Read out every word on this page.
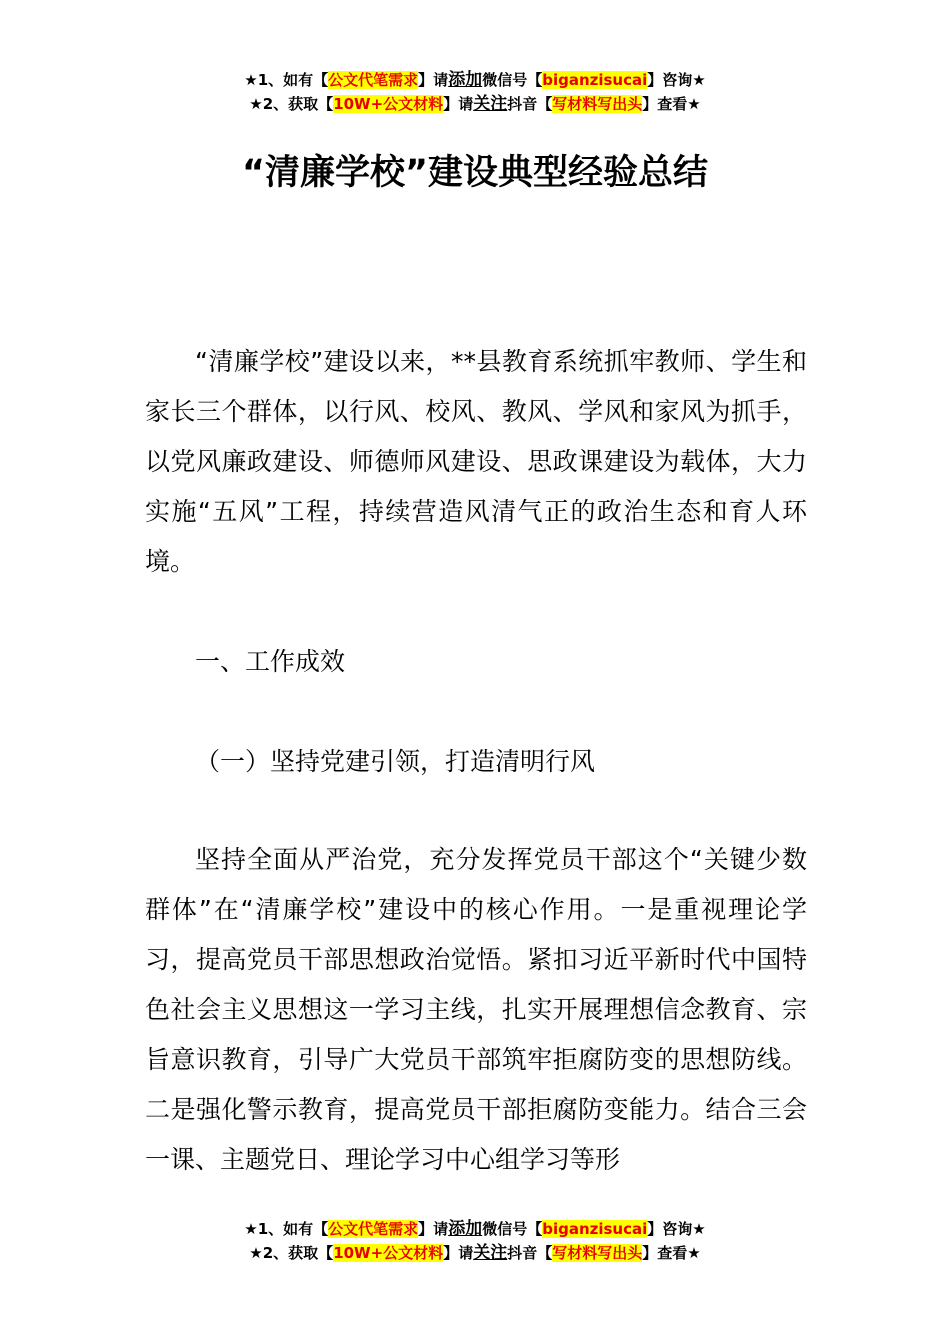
★1、如有【公文代笔需求】请添加微信号【biganzisucai】咨询★
★2、获取【10W+公文材料】请关注抖音【写材料写出头】查看★
“清廉学校”建设典型经验总结

“清廉学校”建设以来，**县教育系统抓牢教师、学生和家长三个群体，以行风、校风、教风、学风和家风为抓手，以党风廉政建设、师德师风建设、思政课建设为载体，大力实施“五风”工程，持续营造风清气正的政治生态和育人环境。

一、工作成效

（一）坚持党建引领，打造清明行风

坚持全面从严治党，充分发挥党员干部这个“关键少数群体”在“清廉学校”建设中的核心作用。一是重视理论学习，提高党员干部思想政治觉悟。紧扣习近平新时代中国特色社会主义思想这一学习主线，扎实开展理想信念教育、宗旨意识教育，引导广大党员干部筑牢拒腐防变的思想防线。二是强化警示教育，提高党员干部拒腐防变能力。结合三会一课、主题党日、理论学习中心组学习等形

★1、如有【公文代笔需求】请添加微信号【biganzisucai】咨询★
★2、获取【10W+公文材料】请关注抖音【写材料写出头】查看★
